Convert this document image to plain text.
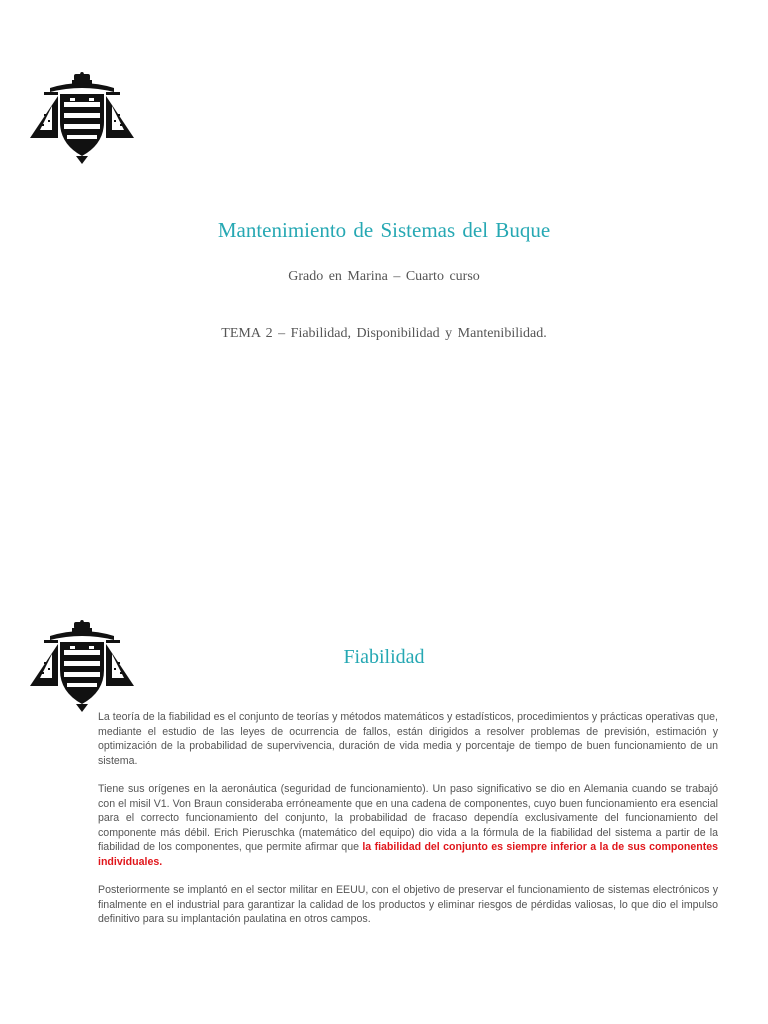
Mantenimiento de Sistemas del Buque
Grado en Marina – Cuarto curso
TEMA 2 – Fiabilidad, Disponibilidad y Mantenibilidad.
Fiabilidad

La teoría de la fiabilidad es el conjunto de teorías y métodos matemáticos y estadísticos, procedimientos y prácticas operativas que, mediante el estudio de las leyes de ocurrencia de fallos, están dirigidos a resolver problemas de previsión, estimación y optimización de la probabilidad de supervivencia, duración de vida media y porcentaje de tiempo de buen funcionamiento de un sistema.

Tiene sus orígenes en la aeronáutica (seguridad de funcionamiento). Un paso significativo se dio en Alemania cuando se trabajó con el misil V1. Von Braun consideraba erróneamente que en una cadena de componentes, cuyo buen funcionamiento era esencial para el correcto funcionamiento del conjunto, la probabilidad de fracaso dependía exclusivamente del funcionamiento del componente más débil. Erich Pieruschka (matemático del equipo) dio vida a la fórmula de la fiabilidad del sistema a partir de la fiabilidad de los componentes, que permite afirmar que la fiabilidad del conjunto es siempre inferior a la de sus componentes individuales.

Posteriormente se implantó en el sector militar en EEUU, con el objetivo de preservar el funcionamiento de sistemas electrónicos y finalmente en el industrial para garantizar la calidad de los productos y eliminar riesgos de pérdidas valiosas, lo que dio el impulso definitivo para su implantación paulatina en otros campos.
